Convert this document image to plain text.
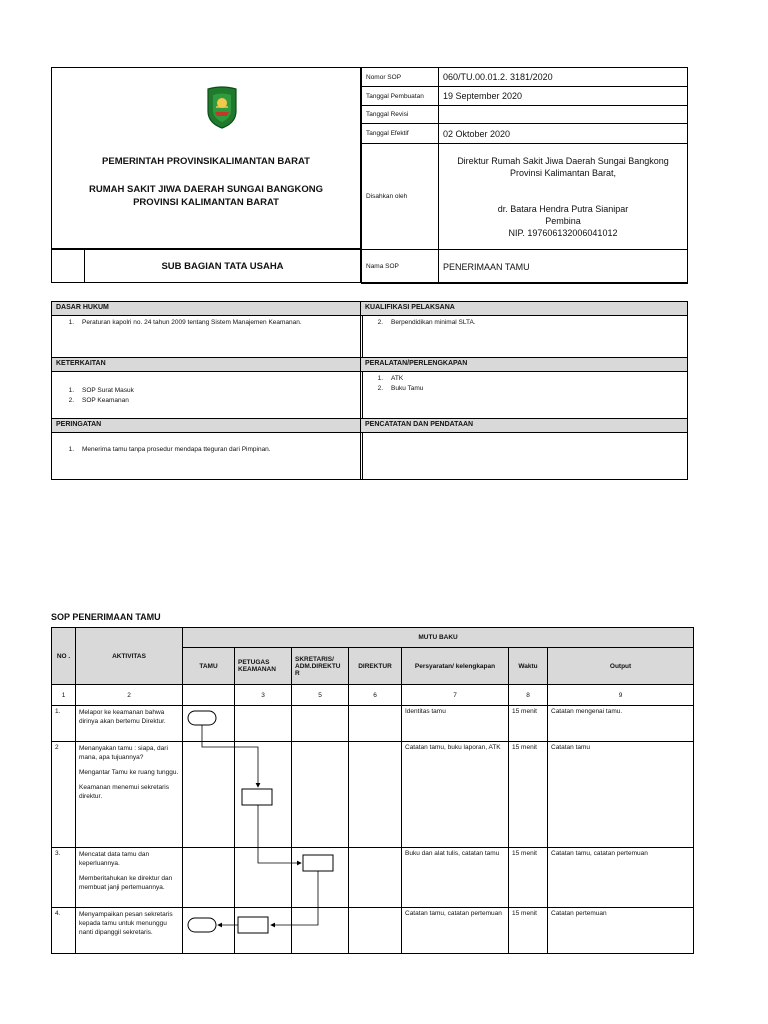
PEMERINTAH PROVINSIKALIMANTAN BARAT
RUMAH SAKIT JIWA DAERAH SUNGAI BANGKONG
PROVINSI KALIMANTAN BARAT
SUB BAGIAN TATA USAHA
Nomor SOP	060/TU.00.01.2. 3181/2020
Tanggal Pembuatan	19 September 2020
Tanggal Revisi	
Tanggal Efektif	02 Oktober 2020
Disahkan oleh	Direktur Rumah Sakit Jiwa Daerah Sungai Bangkong
Provinsi Kalimantan Barat,
dr. Batara Hendra Putra Sianipar
Pembina
NIP. 197606132006041012

Nama SOP	PENERIMAAN TAMU
DASAR HUKUM
1.	Peraturan kapolri no. 24 tahun 2009 tentang Sistem Manajemen Keamanan.
KUALIFIKASI PELAKSANA
2.	Berpendidikan minimal SLTA.
KETERKAITAN
1.	SOP Surat Masuk
2.	SOP Keamanan
PERALATAN/PERLENGKAPAN
1.	ATK
2.	Buku Tamu
PERINGATAN
1.	Menerima tamu tanpa prosedur mendapa tteguran dari Pimpinan.
PENCATATAN DAN PENDATAAN
SOP PENERIMAAN TAMU
NO .	AKTIVITAS	MUTU BAKU						
		TAMU	PETUGAS KEAMANAN	SKRETARIS/ ADM.DIREKTU R	DIREKTUR	Persyaratan/ kelengkapan	Waktu	Output
1	2		3	5	6	7	8	9
1.	Melapor ke keamanan bahwa dirinya akan bertemu Direktur.					Identitas tamu	15 menit	Catatan mengenai tamu.
2	Menanyakan tamu : siapa, dari mana, apa tujuannya?

Mengantar Tamu ke ruang tunggu.

Keamanan menemui sekretaris direktur.					Catatan tamu, buku laporan, ATK	15 menit	Catatan tamu
3.	Mencatat data tamu dan keperluannya.

Memberitahukan ke direktur dan membuat janji pertemuannya.					Buku dan alat tulis, catatan tamu	15 menit	Catatan tamu, catatan pertemuan
4.	Menyampaikan pesan sekretaris kepada tamu untuk menunggu nanti dipanggil sekretaris.					Catatan tamu, catatan pertemuan	15 menit	Catatan pertemuan
